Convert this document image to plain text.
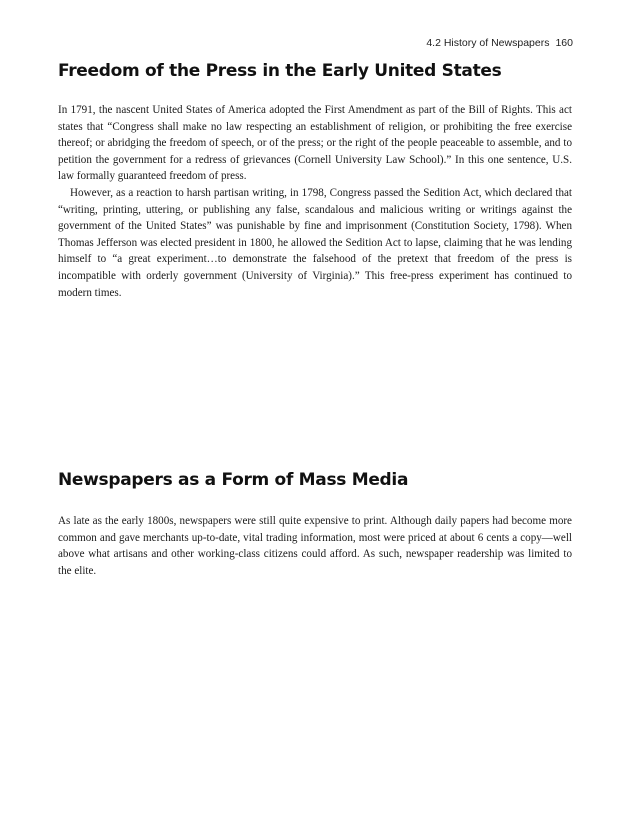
4.2 History of Newspapers 160
Freedom of the Press in the Early United States

In 1791, the nascent United States of America adopted the First Amendment as part of the Bill of Rights. This act states that “Congress shall make no law respecting an establishment of religion, or prohibiting the free exercise thereof; or abridging the freedom of speech, or of the press; or the right of the people peaceable to assemble, and to petition the government for a redress of grievances (Cornell University Law School).” In this one sentence, U.S. law formally guaranteed freedom of press.

However, as a reaction to harsh partisan writing, in 1798, Congress passed the Sedition Act, which declared that “writing, printing, uttering, or publishing any false, scandalous and malicious writing or writings against the government of the United States” was punishable by fine and imprisonment (Constitution Society, 1798). When Thomas Jefferson was elected president in 1800, he allowed the Sedition Act to lapse, claiming that he was lending himself to “a great experiment…to demonstrate the falsehood of the pretext that freedom of the press is incompatible with orderly government (University of Virginia).” This free-press experiment has continued to modern times.

Newspapers as a Form of Mass Media

As late as the early 1800s, newspapers were still quite expensive to print. Although daily papers had become more common and gave merchants up-to-date, vital trading information, most were priced at about 6 cents a copy—well above what artisans and other working-class citizens could afford. As such, newspaper readership was limited to the elite.
